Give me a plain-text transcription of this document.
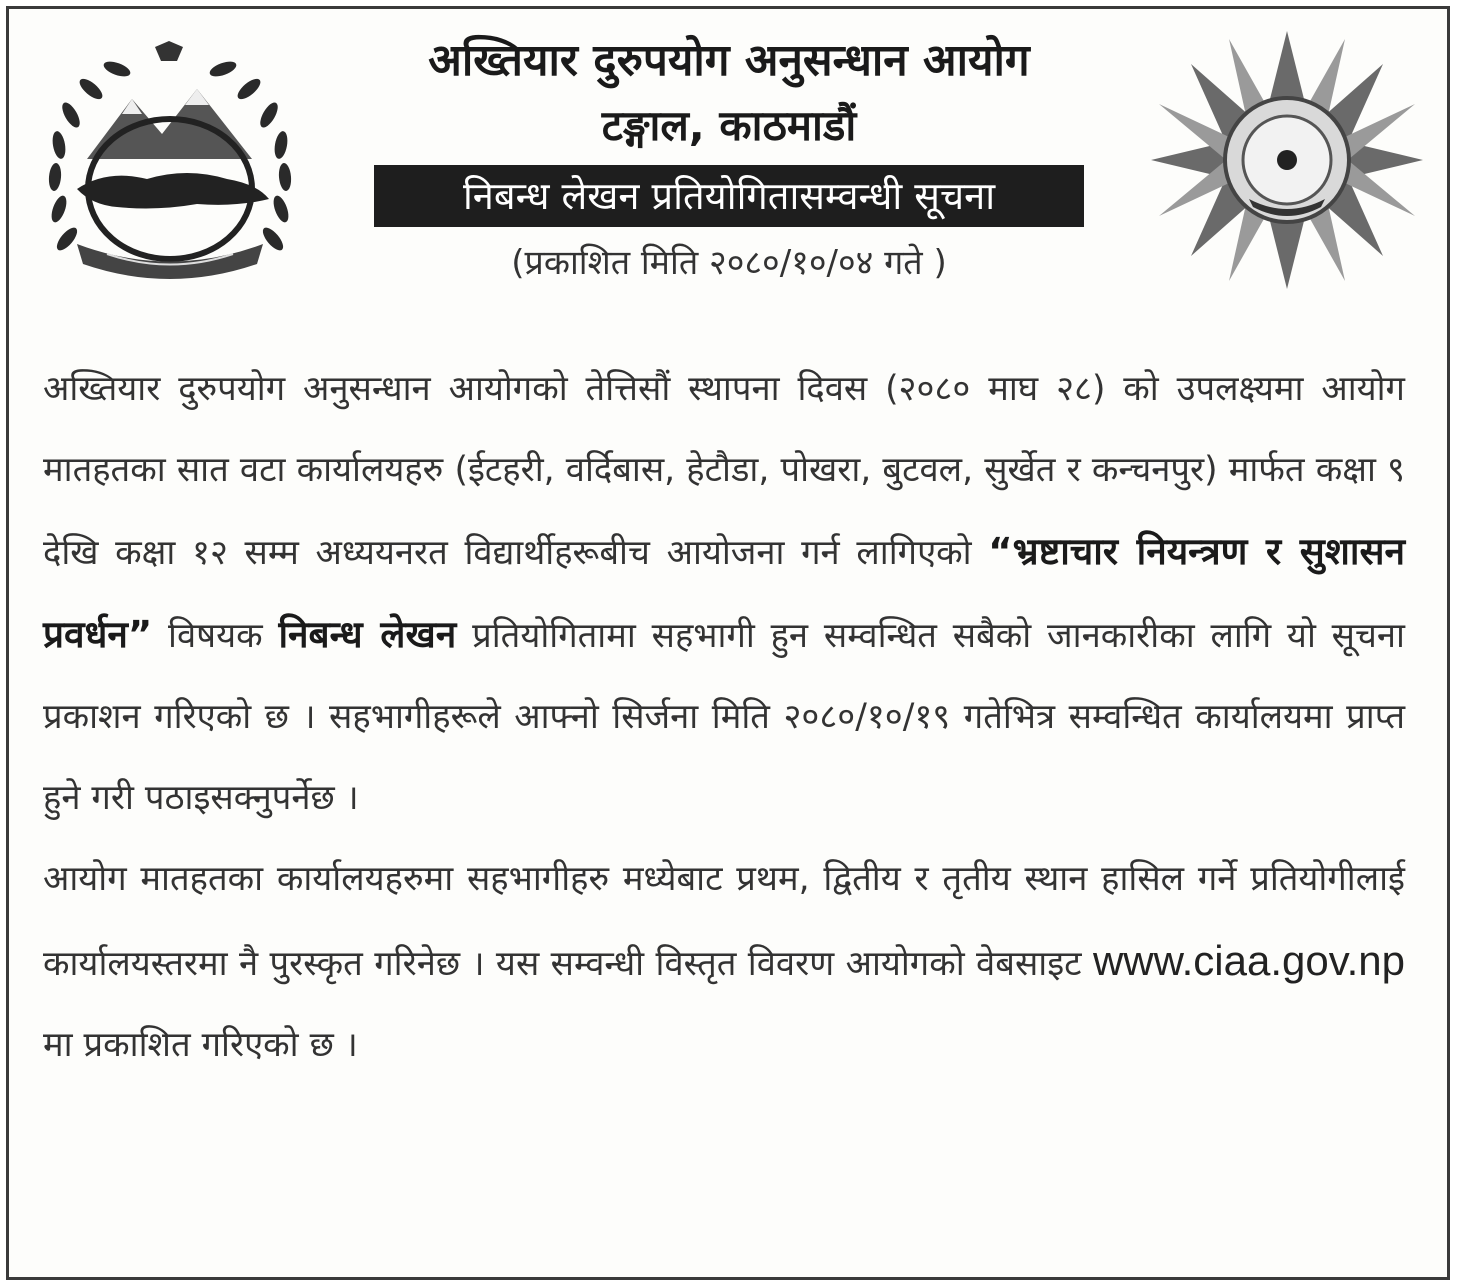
अख्तियार दुरुपयोग अनुसन्धान आयोग
टङ्गाल, काठमाडौं
निबन्ध लेखन प्रतियोगितासम्वन्धी सूचना
(प्रकाशित मिति २०८०/१०/०४ गते )

अख्तियार दुरुपयोग अनुसन्धान आयोगको तेत्तिसौं स्थापना दिवस (२०८० माघ २८) को उपलक्ष्यमा आयोग मातहतका सात वटा कार्यालयहरु (ईटहरी, वर्दिबास, हेटौडा, पोखरा, बुटवल, सुर्खेत र कन्चनपुर) मार्फत कक्षा ९ देखि कक्षा १२ सम्म अध्ययनरत विद्यार्थीहरूबीच आयोजना गर्न लागिएको “भ्रष्टाचार नियन्त्रण र सुशासन प्रवर्धन” विषयक निबन्ध लेखन प्रतियोगितामा सहभागी हुन सम्वन्धित सबैको जानकारीका लागि यो सूचना प्रकाशन गरिएको छ । सहभागीहरूले आफ्नो सिर्जना मिति २०८०/१०/१९ गतेभित्र सम्वन्धित कार्यालयमा प्राप्त हुने गरी पठाइसक्नुपर्नेछ ।

आयोग मातहतका कार्यालयहरुमा सहभागीहरु मध्येबाट प्रथम, द्वितीय र तृतीय स्थान हासिल गर्ने प्रतियोगीलाई कार्यालयस्तरमा नै पुरस्कृत गरिनेछ । यस सम्वन्धी विस्तृत विवरण आयोगको वेबसाइट www.ciaa.gov.np मा प्रकाशित गरिएको छ ।
